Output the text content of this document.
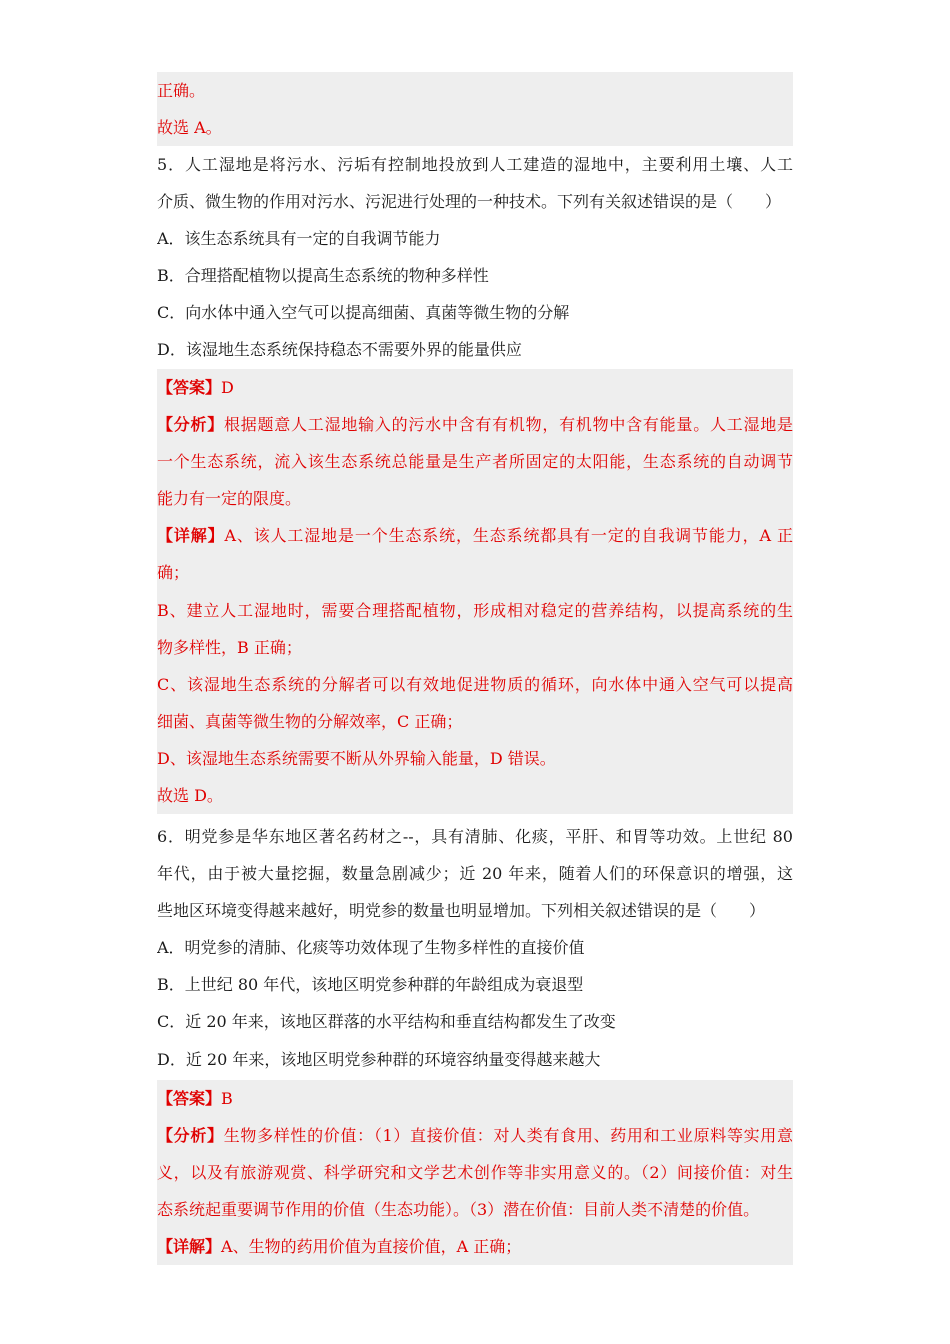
正确。
故选 A。
5．人工湿地是将污水、污垢有控制地投放到人工建造的湿地中，主要利用土壤、人工
介质、微生物的作用对污水、污泥进行处理的一种技术。下列有关叙述错误的是（　　）
A．该生态系统具有一定的自我调节能力
B．合理搭配植物以提高生态系统的物种多样性
C．向水体中通入空气可以提高细菌、真菌等微生物的分解
D．该湿地生态系统保持稳态不需要外界的能量供应
【答案】D
【分析】根据题意人工湿地输入的污水中含有有机物，有机物中含有能量。人工湿地是
一个生态系统，流入该生态系统总能量是生产者所固定的太阳能，生态系统的自动调节
能力有一定的限度。
【详解】A、该人工湿地是一个生态系统，生态系统都具有一定的自我调节能力，A 正
确；
B、建立人工湿地时，需要合理搭配植物，形成相对稳定的营养结构，以提高系统的生
物多样性，B 正确；
C、该湿地生态系统的分解者可以有效地促进物质的循环，向水体中通入空气可以提高
细菌、真菌等微生物的分解效率，C 正确；
D、该湿地生态系统需要不断从外界输入能量，D 错误。
故选 D。
6．明党参是华东地区著名药材之--，具有清肺、化痰，平肝、和胃等功效。上世纪 80
年代，由于被大量挖掘，数量急剧减少；近 20 年来，随着人们的环保意识的增强，这
些地区环境变得越来越好，明党参的数量也明显增加。下列相关叙述错误的是（　　）
A．明党参的清肺、化痰等功效体现了生物多样性的直接价值
B．上世纪 80 年代，该地区明党参种群的年龄组成为衰退型
C．近 20 年来，该地区群落的水平结构和垂直结构都发生了改变
D．近 20 年来，该地区明党参种群的环境容纳量变得越来越大
【答案】B
【分析】生物多样性的价值：（1）直接价值：对人类有食用、药用和工业原料等实用意
义，以及有旅游观赏、科学研究和文学艺术创作等非实用意义的。（2）间接价值：对生
态系统起重要调节作用的价值（生态功能）。（3）潜在价值：目前人类不清楚的价值。
【详解】A、生物的药用价值为直接价值，A 正确；
